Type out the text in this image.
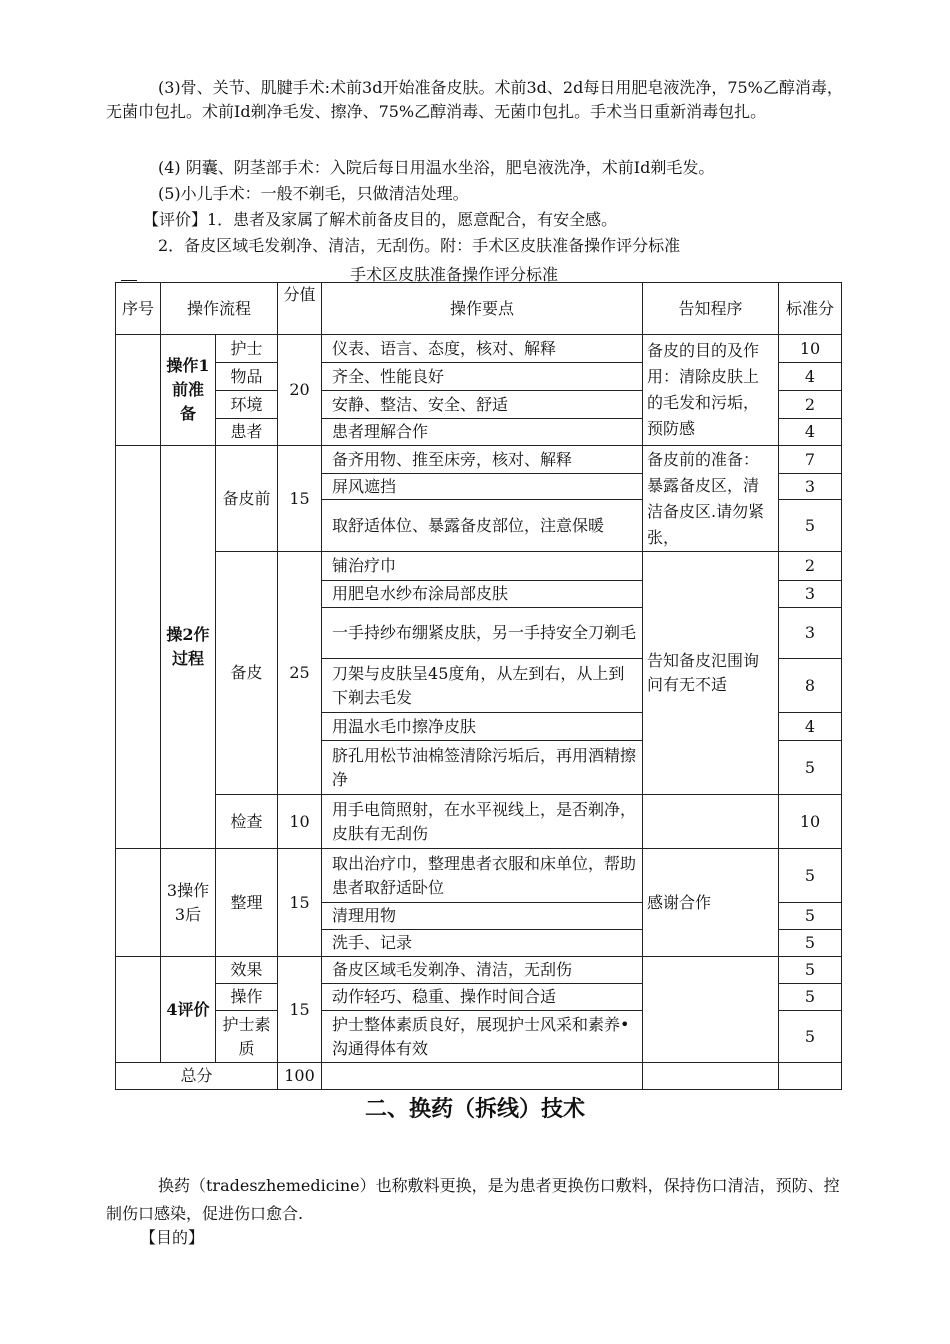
(3)骨、关节、肌腱手术:术前3d开始准备皮肤。术前3d、2d每日用肥皂液洗净，75%乙醇消毒，无菌巾包扎。术前Id剃净毛发、擦净、75%乙醇消毒、无菌巾包扎。手术当日重新消毒包扎。
(4) 阴囊、阴茎部手术：入院后每日用温水坐浴，肥皂液洗净，术前Id剃毛发。
(5)小儿手术：一般不剃毛，只做清洁处理。
【评价】1．患者及家属了解术前备皮目的，愿意配合，有安全感。
2．备皮区域毛发剃净、清洁，无刮伤。附：手术区皮肤准备操作评分标准
手术区皮肤准备操作评分标准
序号	操作流程		分值	操作要点	告知程序	标准分
	操作1前准备	护士	20	仪表、语言、态度，核对、解释	备皮的目的及作用：清除皮肤上的毛发和污垢，预防感	10
		物品		齐全、性能良好		4
		环境		安静、整洁、安全、舒适		2
		患者		患者理解合作		4
	操2作过程	备皮前	15	备齐用物、推至床旁，核对、解释	备皮前的准备：暴露备皮区，清洁备皮区.请勿紧张，	7
				屏风遮挡		3
				取舒适体位、暴露备皮部位，注意保暖		5
		备皮	25	铺治疗巾	告知备皮氾围询问有无不适	2
				用肥皂水纱布涂局部皮肤		3
				一手持纱布绷紧皮肤，另一手持安全刀剃毛		3
				刀架与皮肤呈45度角，从左到右，从上到下剃去毛发		8
				用温水毛巾擦净皮肤		4
				脐孔用松节油棉签清除污垢后，再用酒精擦净		5
		检查	10	用手电筒照射，在水平视线上，是否剃净，皮肤有无刮伤		10
	3操作3后	整理	15	取出治疗巾，整理患者衣服和床单位，帮助患者取舒适卧位	感谢合作	5
				清理用物		5
				洗手、记录		5
	4评价	效果	15	备皮区域毛发剃净、清洁，无刮伤		5
		操作		动作轻巧、稳重、操作时间合适		5
		护士素质		护士整体素质良好，展现护士风采和素养•沟通得体有效		5
总分			100			
二、换药（拆线）技术
换药（tradeszhemedicine）也称敷料更换，是为患者更换伤口敷料，保持伤口清洁，预防、控制伤口感染，促进伤口愈合.
【目的】
